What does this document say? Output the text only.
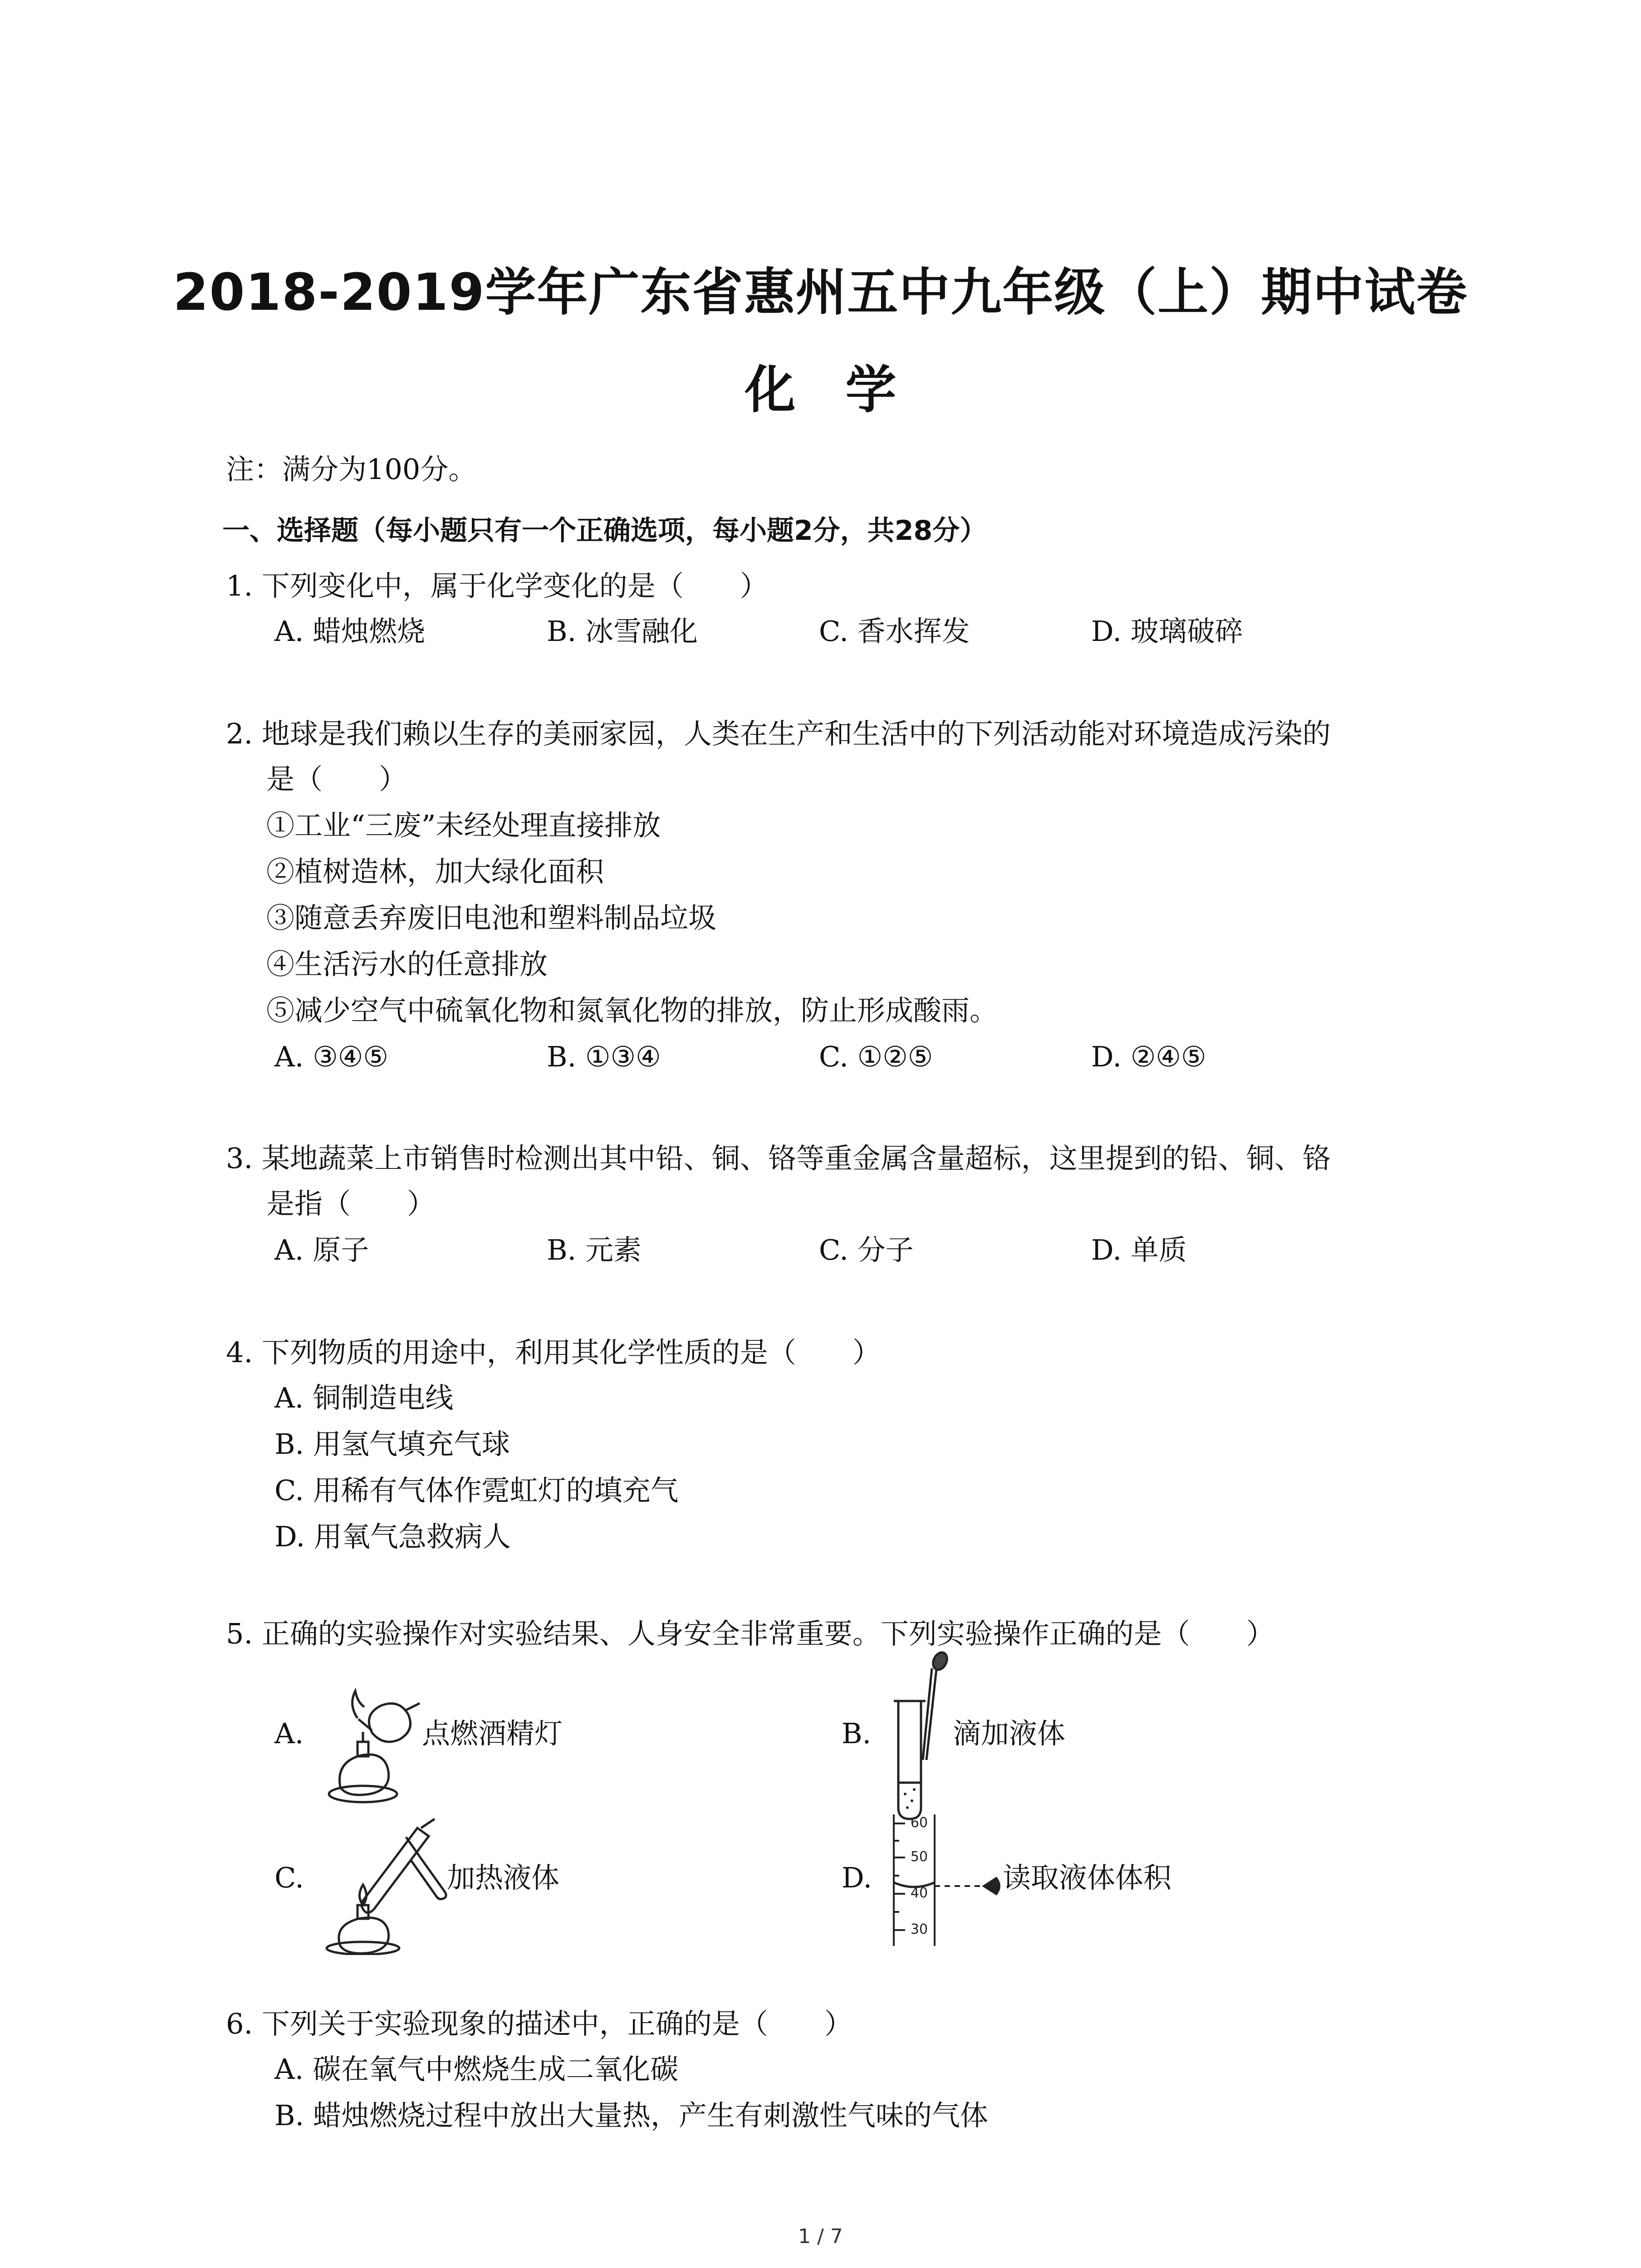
2018-2019学年广东省惠州五中九年级（上）期中试卷
化学
注：满分为100分。
一、选择题（每小题只有一个正确选项，每小题2分，共28分）
1. 下列变化中，属于化学变化的是（　　）
A. 蜡烛燃烧	B. 冰雪融化	C. 香水挥发	D. 玻璃破碎
2. 地球是我们赖以生存的美丽家园，人类在生产和生活中的下列活动能对环境造成污染的
是（　　）
①工业“三废”未经处理直接排放
②植树造林，加大绿化面积
③随意丢弃废旧电池和塑料制品垃圾
④生活污水的任意排放
⑤减少空气中硫氧化物和氮氧化物的排放，防止形成酸雨。
A. ③④⑤	B. ①③④	C. ①②⑤	D. ②④⑤
3. 某地蔬菜上市销售时检测出其中铅、铜、铬等重金属含量超标，这里提到的铅、铜、铬
是指（　　）
A. 原子	B. 元素	C. 分子	D. 单质
4. 下列物质的用途中，利用其化学性质的是（　　）
A. 铜制造电线
B. 用氢气填充气球
C. 用稀有气体作霓虹灯的填充气
D. 用氧气急救病人
5. 正确的实验操作对实验结果、人身安全非常重要。下列实验操作正确的是（　　）
A.	点燃酒精灯	B.	滴加液体
C.	加热液体	D.
60
50
40
30
读取液体体积
6. 下列关于实验现象的描述中，正确的是（　　）
A. 碳在氧气中燃烧生成二氧化碳
B. 蜡烛燃烧过程中放出大量热，产生有刺激性气味的气体
1 / 7
